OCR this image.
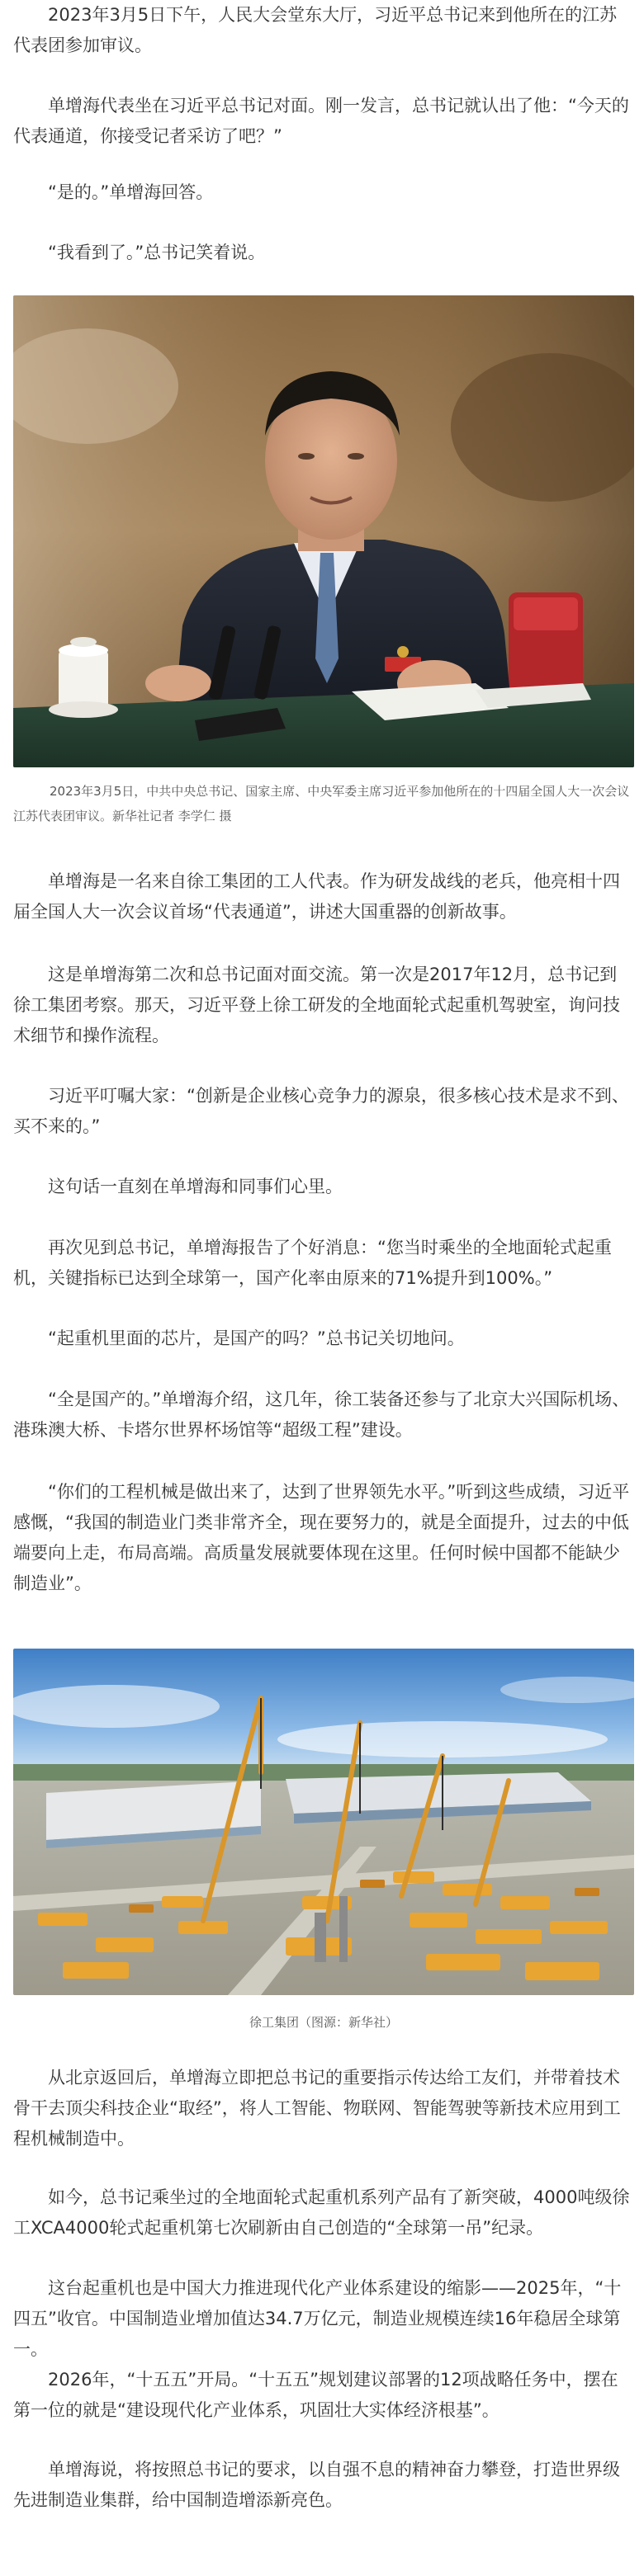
2023年3月5日下午，人民大会堂东大厅，习近平总书记来到他所在的江苏代表团参加审议。

单增海代表坐在习近平总书记对面。刚一发言，总书记就认出了他：“今天的代表通道，你接受记者采访了吧？”

“是的。”单增海回答。

“我看到了。”总书记笑着说。

2023年3月5日，中共中央总书记、国家主席、中央军委主席习近平参加他所在的十四届全国人大一次会议江苏代表团审议。新华社记者 李学仁 摄

单增海是一名来自徐工集团的工人代表。作为研发战线的老兵，他亮相十四届全国人大一次会议首场“代表通道”，讲述大国重器的创新故事。

这是单增海第二次和总书记面对面交流。第一次是2017年12月，总书记到徐工集团考察。那天，习近平登上徐工研发的全地面轮式起重机驾驶室，询问技术细节和操作流程。

习近平叮嘱大家：“创新是企业核心竞争力的源泉，很多核心技术是求不到、买不来的。”

这句话一直刻在单增海和同事们心里。

再次见到总书记，单增海报告了个好消息：“您当时乘坐的全地面轮式起重机，关键指标已达到全球第一，国产化率由原来的71%提升到100%。”

“起重机里面的芯片，是国产的吗？”总书记关切地问。

“全是国产的。”单增海介绍，这几年，徐工装备还参与了北京大兴国际机场、港珠澳大桥、卡塔尔世界杯场馆等“超级工程”建设。

“你们的工程机械是做出来了，达到了世界领先水平。”听到这些成绩，习近平感慨，“我国的制造业门类非常齐全，现在要努力的，就是全面提升，过去的中低端要向上走，布局高端。高质量发展就要体现在这里。任何时候中国都不能缺少制造业”。

徐工集团（图源：新华社）

从北京返回后，单增海立即把总书记的重要指示传达给工友们，并带着技术骨干去顶尖科技企业“取经”，将人工智能、物联网、智能驾驶等新技术应用到工程机械制造中。

如今，总书记乘坐过的全地面轮式起重机系列产品有了新突破，4000吨级徐工XCA4000轮式起重机第七次刷新由自己创造的“全球第一吊”纪录。

这台起重机也是中国大力推进现代化产业体系建设的缩影——2025年，“十四五”收官。中国制造业增加值达34.7万亿元，制造业规模连续16年稳居全球第一。

2026年，“十五五”开局。“十五五”规划建议部署的12项战略任务中，摆在第一位的就是“建设现代化产业体系，巩固壮大实体经济根基”。

单增海说，将按照总书记的要求，以自强不息的精神奋力攀登，打造世界级先进制造业集群，给中国制造增添新亮色。
